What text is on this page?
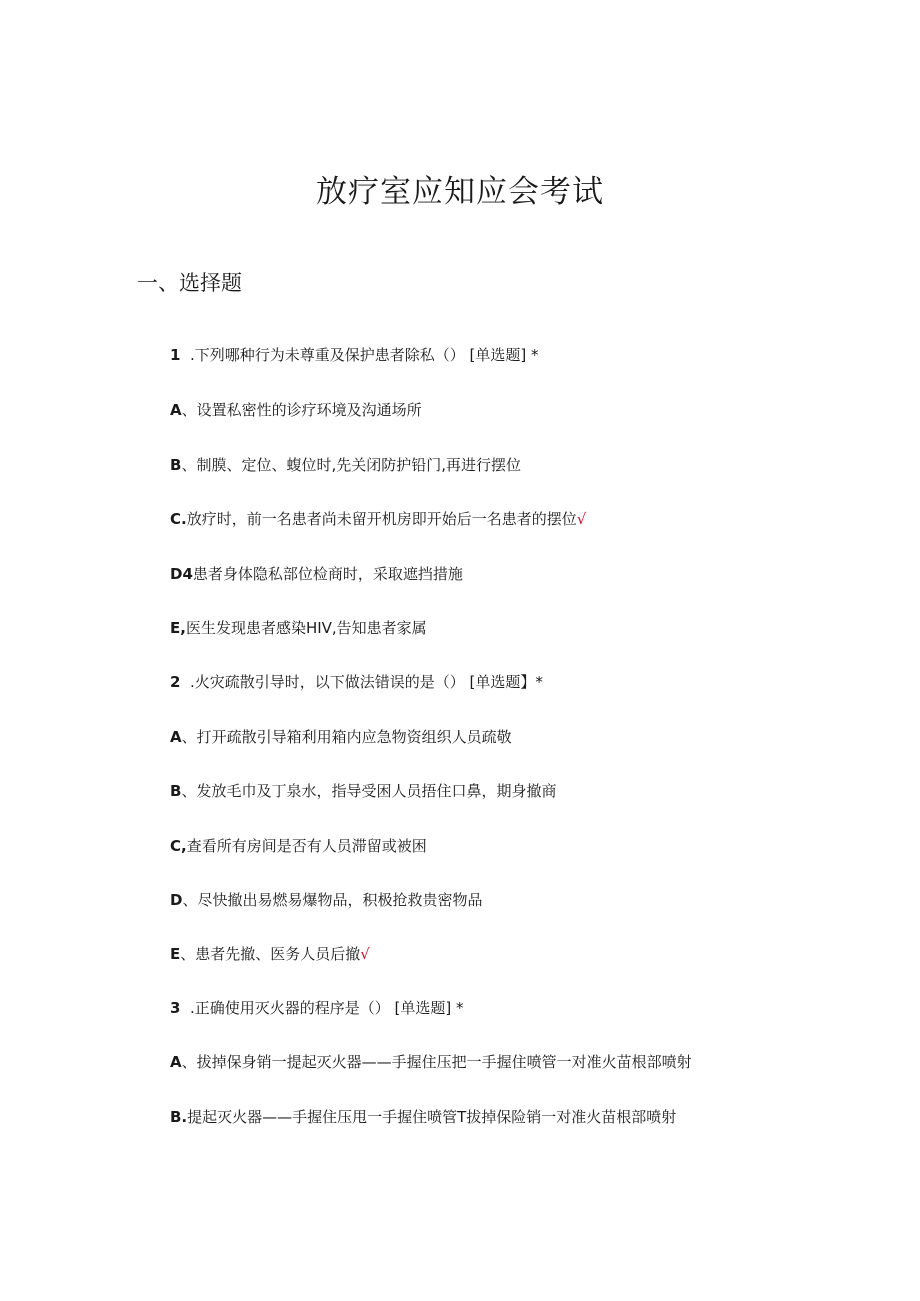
放疗室应知应会考试
一、选择题
1 .下列哪种行为未尊重及保护患者除私（） [单选题] *
A、设置私密性的诊疗环境及沟通场所
B、制膜、定位、蝮位时,先关闭防护铅门,再进行摆位
C.放疗时，前一名患者尚未留开机房即开始后一名患者的摆位√
D4患者身体隐私部位检商时，采取遮挡措施
E,医生发现患者感染HIV,告知患者家属
2 .火灾疏散引导时，以下做法错误的是（） [单选题】*
A、打开疏散引导箱利用箱内应急物资组织人员疏敬
B、发放毛巾及丁泉水，指导受困人员捂住口鼻，期身撤商
C,查看所有房间是否有人员滞留或被困
D、尽快撤出易燃易爆物品，积极抢救贵密物品
E、患者先撤、医务人员后撤√
3 .正确使用灭火器的程序是（） [单选题] *
A、拔掉保身销一提起灭火器——手握住压把一手握住喷管一对准火苗根部喷射
B.提起灭火器——手握住压甩一手握住喷管T拔掉保险销一对准火苗根部喷射
